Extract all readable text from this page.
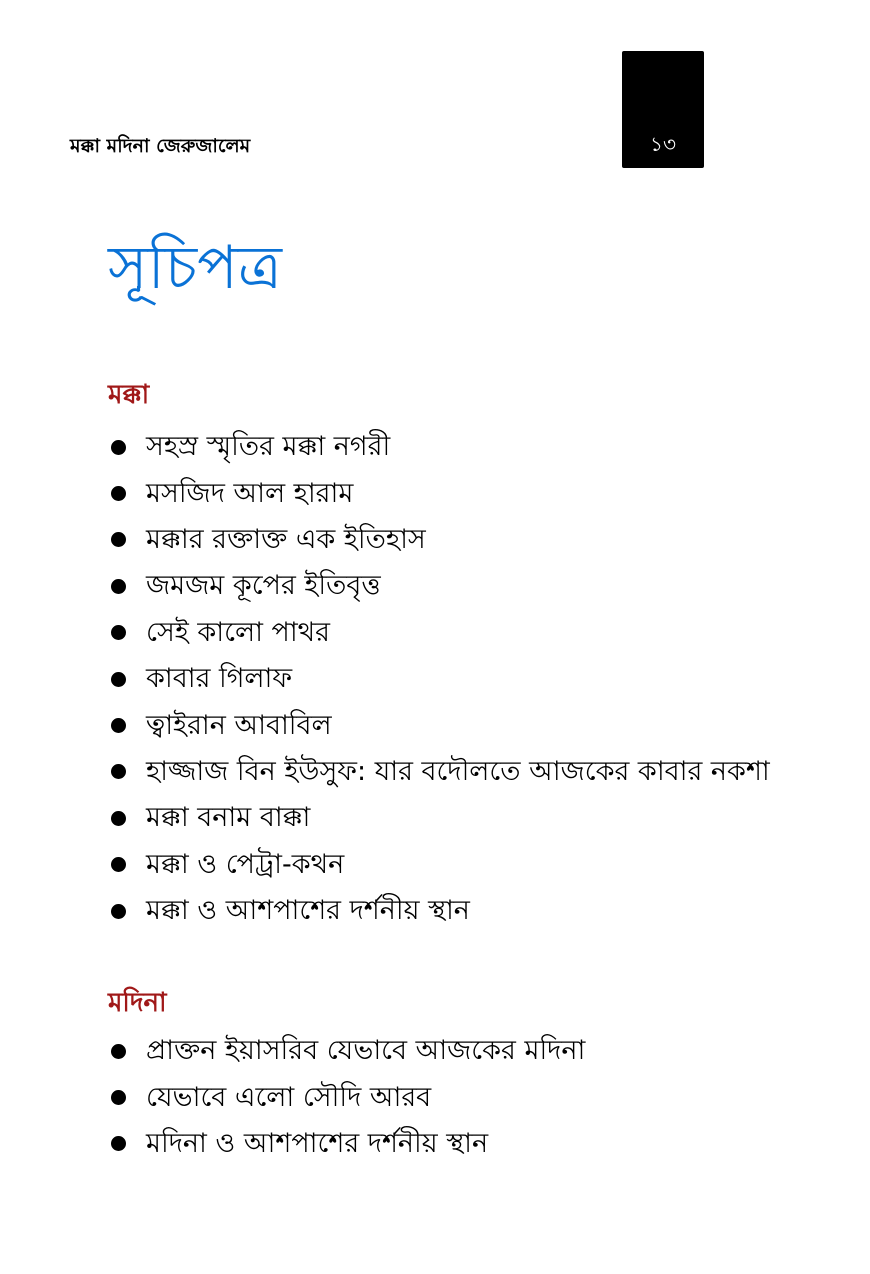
মক্কা মদিনা জেরুজালেম	১৩
সূচিপত্র
মক্কা
সহস্র স্মৃতির মক্কা নগরী
মসজিদ আল হারাম
মক্কার রক্তাক্ত এক ইতিহাস
জমজম কূপের ইতিবৃত্ত
সেই কালো পাথর
কাবার গিলাফ
ত্বাইরান আবাবিল
হাজ্জাজ বিন ইউসুফ: যার বদৌলতে আজকের কাবার নকশা
মক্কা বনাম বাক্কা
মক্কা ও পেট্রা-কথন
মক্কা ও আশপাশের দর্শনীয় স্থান
মদিনা
প্রাক্তন ইয়াসরিব যেভাবে আজকের মদিনা
যেভাবে এলো সৌদি আরব
মদিনা ও আশপাশের দর্শনীয় স্থান
